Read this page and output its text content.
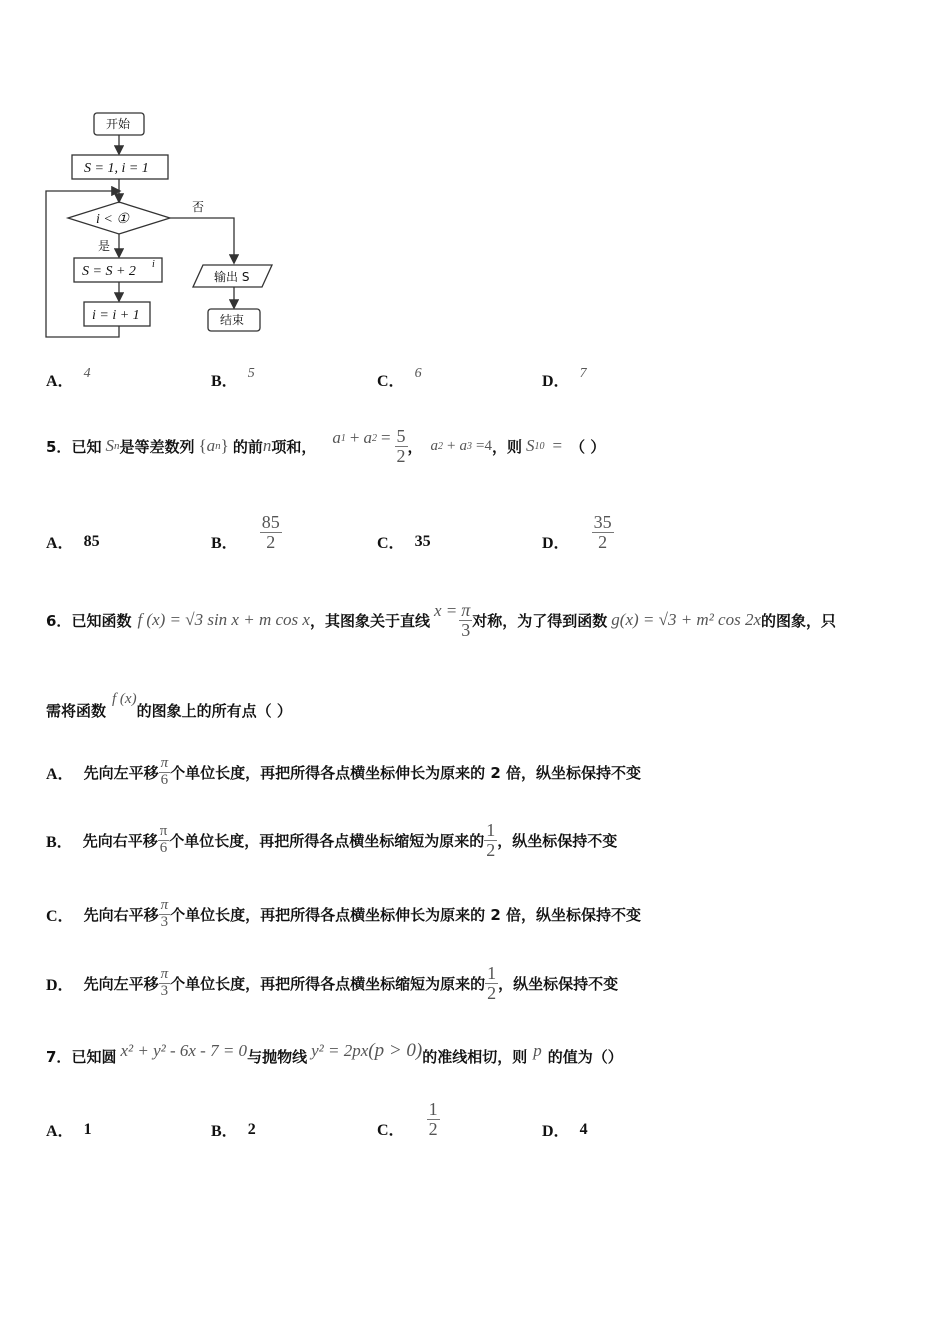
开始
S = 1, i = 1
i < ①
否
是
S = S + 2 i
i = i + 1
输出 S
结束
A． 4	B． 5	C． 6	D． 7
5． 已知 S n 是等差数列 { a n } 的前 n 项和， a 1 + a $2 = \frac{5}{2}$ ， a 2 + a 3 =4 ，则 S 10 = （ ）
A． 85	B． $\frac{85}{2}$	C． 35	D． $\frac{35}{2}$
6． 已知函数 f (x) = √3 sin x + m cos x ，其图象关于直线
$x = \frac{\pi}{3}$ 对称，为了得到函数 g(x) = √3 + m² cos 2x 的图象，只
需将函数
f (x)
的图象上的所有点（ ）
A． 先向左平移 $\frac{\pi}{6}$ 个单位长度，再把所得各点横坐标伸长为原来的 2 倍，纵坐标保持不变
B． 先向右平移 $\frac{\pi}{6}$ 个单位长度，再把所得各点横坐标缩短为原来的 $\frac{1}{2}$ ，纵坐标保持不变
C． 先向右平移 $\frac{\pi}{3}$ 个单位长度，再把所得各点横坐标伸长为原来的 2 倍，纵坐标保持不变
D． 先向左平移 $\frac{\pi}{3}$ 个单位长度，再把所得各点横坐标缩短为原来的 $\frac{1}{2}$ ，纵坐标保持不变
7． 已知圆 x² + y² - 6x - 7 = 0 与抛物线 y² = 2px (p > 0) 的准线相切，则 p 的值为（）
A． 1	B． 2	C． $\frac{1}{2}$	D． 4
